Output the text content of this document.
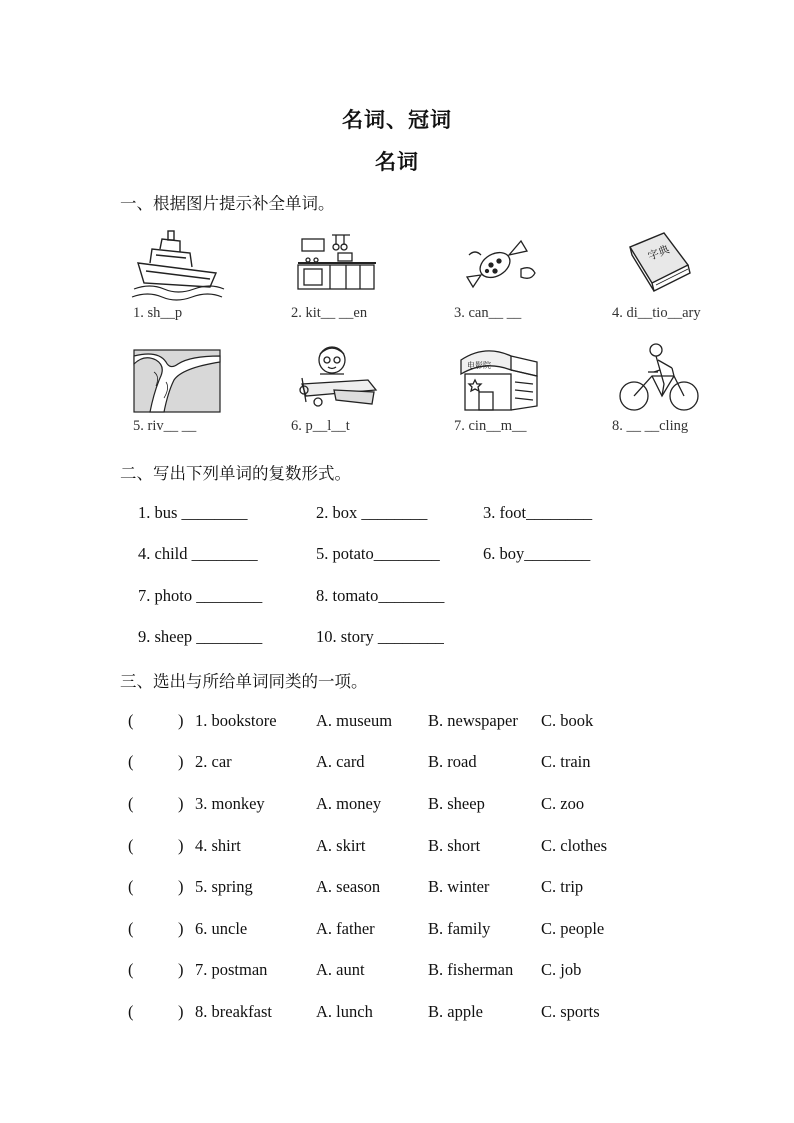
名词、冠词
名词
一、根据图片提示补全单词。
1. sh__p	2. kit__ __en	3. can__ __
字典
4. di__tio__ary
5. riv__ __	6. p__l__t
电影院
7. cin__m__	8. __ __cling
二、写出下列单词的复数形式。
1. bus ________	2. box ________	3. foot________
4. child ________	5. potato________	6. boy________
7. photo ________	8. tomato________
9. sheep ________	10. story ________
三、选出与所给单词同类的一项。
(	) 1. bookstore A. museum B. newspaper C. book
(	) 2. car	A. card	B. road	C. train
(	) 3. monkey	A. money	B. sheep	C. zoo
(	) 4. shirt	A. skirt	B. short	C. clothes
(	) 5. spring	A. season	B. winter	C. trip
(	) 6. uncle	A. father	B. family	C. people
(	) 7. postman	A. aunt	B. fisherman C. job
(	) 8. breakfast	A. lunch	B. apple	C. sports
